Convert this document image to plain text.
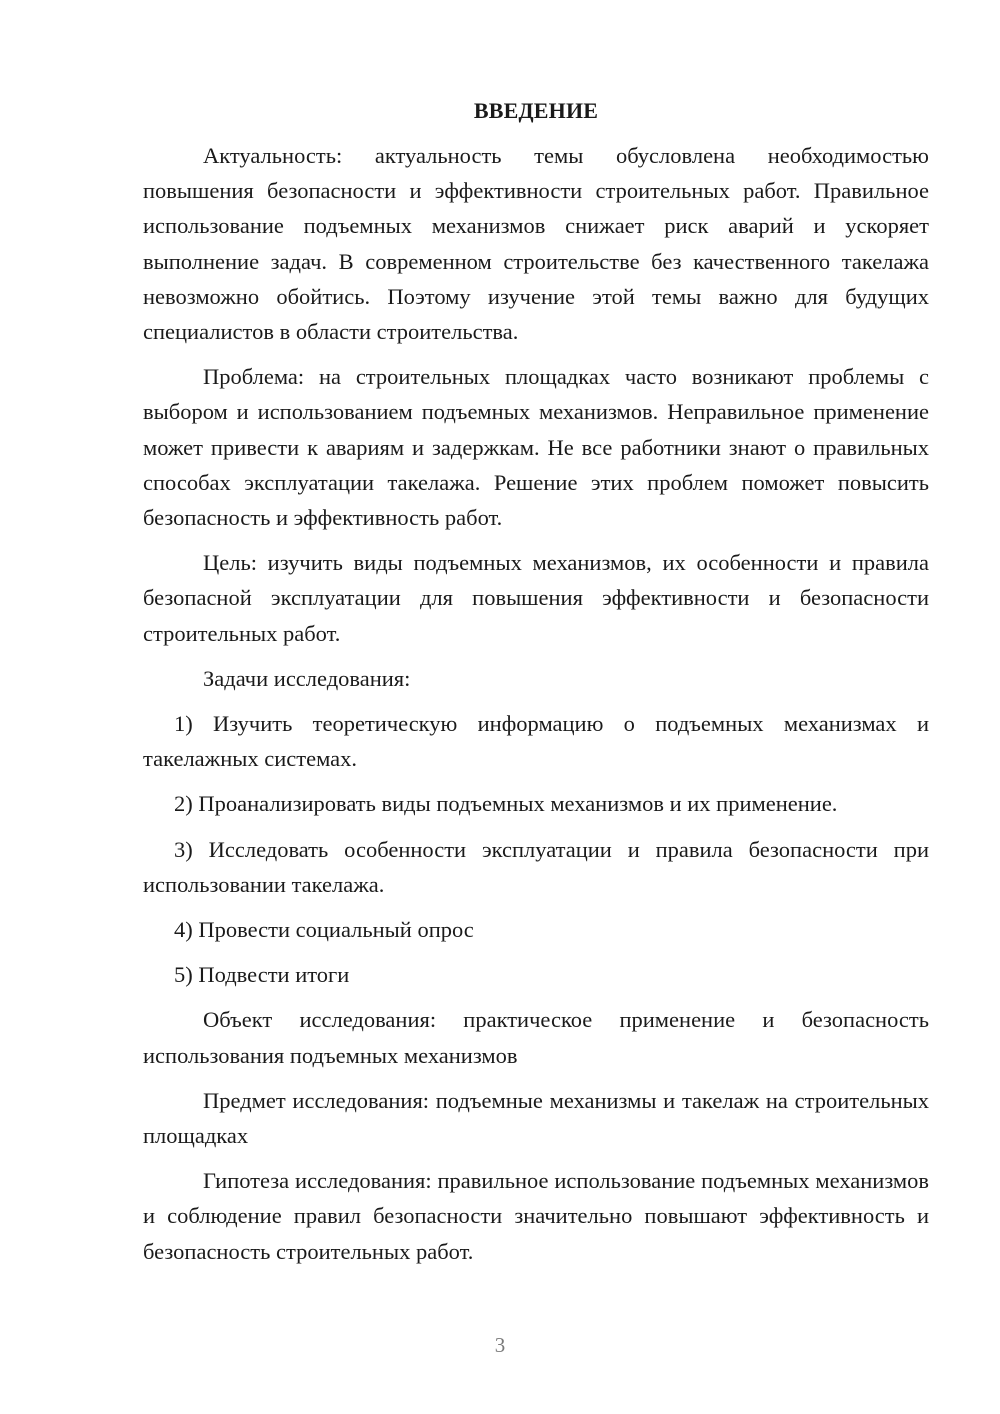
ВВЕДЕНИЕ

Актуальность: актуальность темы обусловлена необходимостью повышения безопасности и эффективности строительных работ. Правильное использование подъемных механизмов снижает риск аварий и ускоряет выполнение задач. В современном строительстве без качественного такелажа невозможно обойтись. Поэтому изучение этой темы важно для будущих специалистов в области строительства.

Проблема: на строительных площадках часто возникают проблемы с выбором и использованием подъемных механизмов. Неправильное применение может привести к авариям и задержкам. Не все работники знают о правильных способах эксплуатации такелажа. Решение этих проблем поможет повысить безопасность и эффективность работ.

Цель: изучить виды подъемных механизмов, их особенности и правила безопасной эксплуатации для повышения эффективности и безопасности строительных работ.

Задачи исследования:

1) Изучить теоретическую информацию о подъемных механизмах и такелажных системах.

2) Проанализировать виды подъемных механизмов и их применение.

3) Исследовать особенности эксплуатации и правила безопасности при использовании такелажа.

4) Провести социальный опрос

5) Подвести итоги

Объект исследования: практическое применение и безопасность использования подъемных механизмов

Предмет исследования: подъемные механизмы и такелаж на строительных площадках

Гипотеза исследования: правильное использование подъемных механизмов и соблюдение правил безопасности значительно повышают эффективность и безопасность строительных работ.

3
